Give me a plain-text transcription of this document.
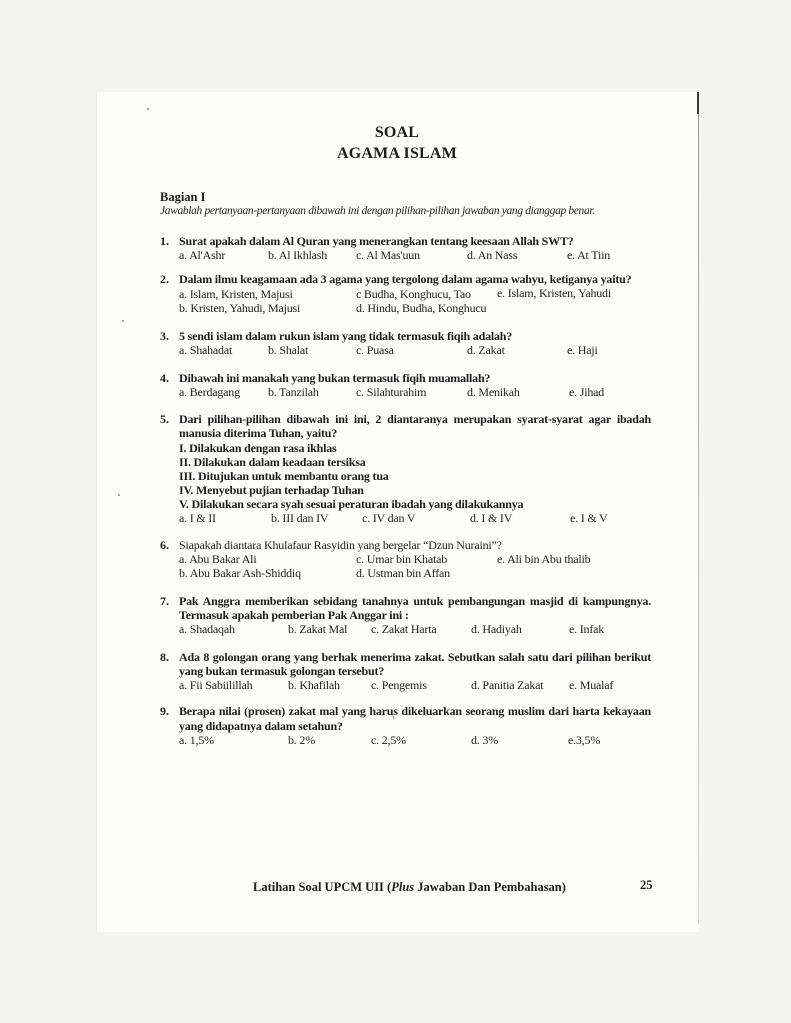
SOAL
AGAMA ISLAM
Bagian I
Jawablah pertanyaan-pertanyaan dibawah ini dengan pilihan-pilihan jawaban yang dianggap benar.
1. Surat apakah dalam Al Quran yang menerangkan tentang keesaan Allah SWT?
a. Al'Ashr	b. Al Ikhlash c. Al Mas'uun	d. An Nass	e. At Tiin
2. Dalam ilmu keagamaan ada 3 agama yang tergolong dalam agama wahyu, ketiganya yaitu?
a. Islam, Kristen, Majusi	c Budha, Konghucu, Tao e. Islam, Kristen, Yahudi
b. Kristen, Yahudi, Majusi	d. Hindu, Budha, Konghucu
3. 5 sendi islam dalam rukun islam yang tidak termasuk fiqih adalah?
a. Shahadat	b. Shalat	c. Puasa	d. Zakat	e. Haji
4. Dibawah ini manakah yang bukan termasuk fiqih muamallah?
a. Berdagang b. Tanzilah	c. Silahturahim	d. Menikah	e. Jihad
5. Dari pilihan-pilihan dibawah ini ini, 2 diantaranya merupakan syarat-syarat agar ibadah
manusia diterima Tuhan, yaitu?
I. Dilakukan dengan rasa ikhlas
II. Dilakukan dalam keadaan tersiksa
III. Ditujukan untuk membantu orang tua
IV. Menyebut pujian terhadap Tuhan
V. Dilakukan secara syah sesuai peraturan ibadah yang dilakukannya
a. I & II	b. III dan IV	c. IV dan V	d. I & IV	e. I & V
6. Siapakah diantara Khulafaur Rasyidin yang bergelar “Dzun Nuraini”?
a. Abu Bakar Ali	c. Umar bin Khatab	e. Ali bin Abu thalib
b. Abu Bakar Ash-Shiddiq	d. Ustman bin Affan
7. Pak Anggra memberikan sebidang tanahnya untuk pembangungan masjid di kampungnya.
Termasuk apakah pemberian Pak Anggar ini :
a. Shadaqah	b. Zakat Mal c. Zakat Harta	d. Hadiyah	e. Infak
8. Ada 8 golongan orang yang berhak menerima zakat. Sebutkan salah satu dari pilihan berikut
yang bukan termasuk golongan tersebut?
a. Fii Sabiilillah	b. Khafilah	c. Pengemis	d. Panitia Zakat e. Mualaf
9. Berapa nilai (prosen) zakat mal yang harus dikeluarkan seorang muslim dari harta kekayaan
yang didapatnya dalam setahun?
a. 1,5%	b. 2%	c. 2,5%	d. 3%	e.3,5%
Latihan Soal UPCM UII (Plus Jawaban Dan Pembahasan)	25
